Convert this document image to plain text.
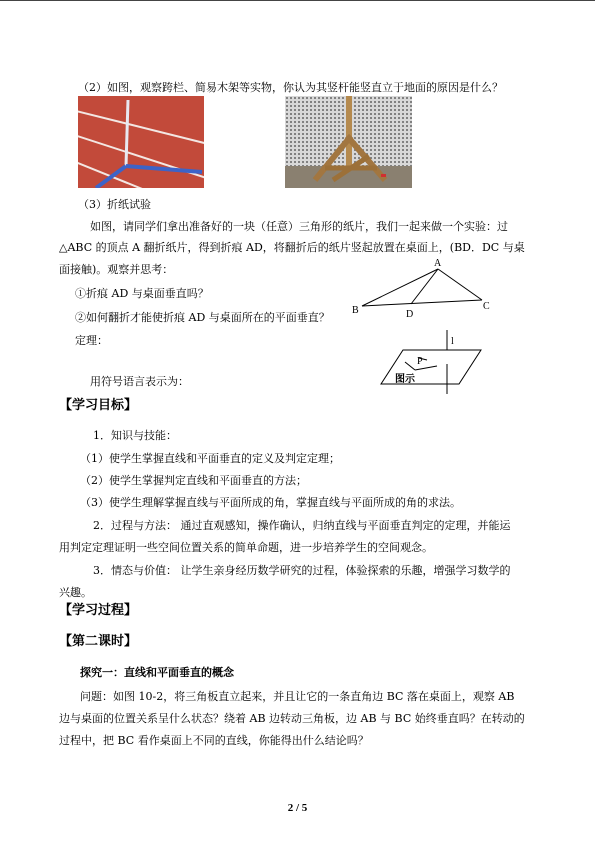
（2）如图，观察跨栏、简易木架等实物，你认为其竖杆能竖直立于地面的原因是什么？
（3）折纸试验
如图，请同学们拿出准备好的一块（任意）三角形的纸片，我们一起来做一个实验：过
△ABC 的顶点 A 翻折纸片，得到折痕 AD，将翻折后的纸片竖起放置在桌面上，(BD．DC 与桌
面接触)。观察并思考：
①折痕 AD 与桌面垂直吗？
②如何翻折才能使折痕 AD 与桌面所在的平面垂直？
定理：
A
B	C
D
l
P
图示
用符号语言表示为：
【学习目标】
1．知识与技能：
（1）使学生掌握直线和平面垂直的定义及判定定理；
（2）使学生掌握判定直线和平面垂直的方法；
（3）使学生理解掌握直线与平面所成的角，掌握直线与平面所成的角的求法。
2．过程与方法： 通过直观感知，操作确认，归纳直线与平面垂直判定的定理，并能运
用判定定理证明一些空间位置关系的简单命题，进一步培养学生的空间观念。
3．情态与价值： 让学生亲身经历数学研究的过程，体验探索的乐趣，增强学习数学的
兴趣。
【学习过程】
【第二课时】
探究一：直线和平面垂直的概念
问题：如图 10-2，将三角板直立起来，并且让它的一条直角边 BC 落在桌面上，观察 AB
边与桌面的位置关系呈什么状态？绕着 AB 边转动三角板，边 AB 与 BC 始终垂直吗？在转动的
过程中，把 BC 看作桌面上不同的直线，你能得出什么结论吗？
2 / 5
